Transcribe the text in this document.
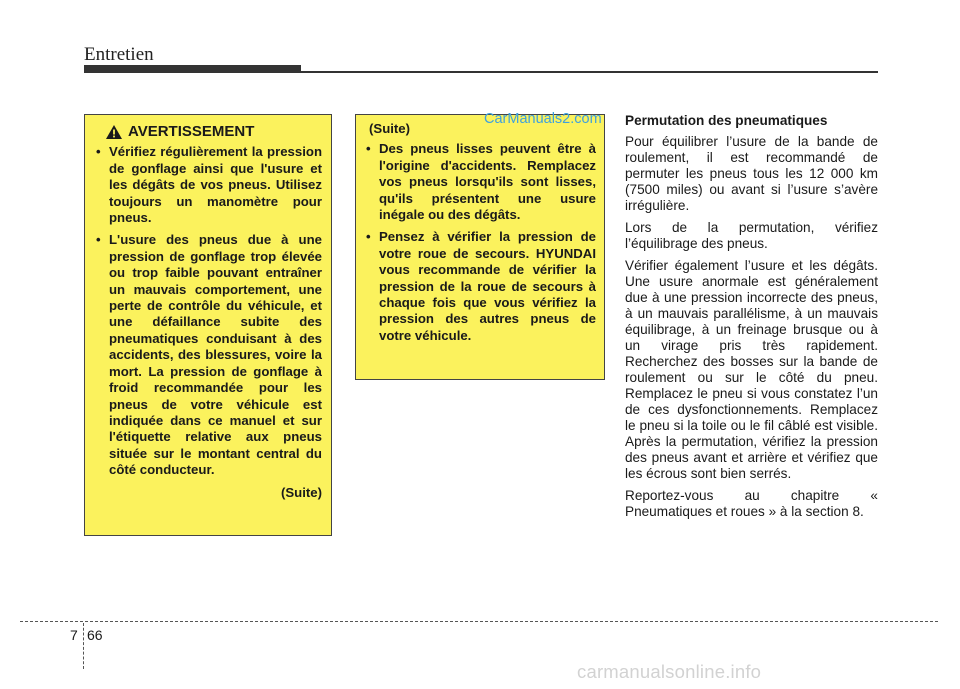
Entretien
AVERTISSEMENT
• Vérifiez régulièrement la pression de gonflage ainsi que l'usure et les dégâts de vos pneus. Utilisez toujours un manomètre pour pneus.
• L'usure des pneus due à une pression de gonflage trop élevée ou trop faible pouvant entraîner un mauvais comportement, une perte de contrôle du véhicule, et une défaillance subite des pneumatiques conduisant à des accidents, des blessures, voire la mort. La pression de gonflage à froid recommandée pour les pneus de votre véhicule est indiquée dans ce manuel et sur l'étiquette relative aux pneus située sur le montant central du côté conducteur.
(Suite)
(Suite)
• Des pneus lisses peuvent être à l'origine d'accidents. Remplacez vos pneus lorsqu'ils sont lisses, qu'ils présentent une usure inégale ou des dégâts.
• Pensez à vérifier la pression de votre roue de secours. HYUNDAI vous recommande de vérifier la pression de la roue de secours à chaque fois que vous vérifiez la pression des autres pneus de votre véhicule.
CarManuals2.com Permutation des pneumatiques

Pour équilibrer l’usure de la bande de roulement, il est recommandé de permuter les pneus tous les 12 000 km (7500 miles) ou avant si l’usure s’avère irrégulière.

Lors de la permutation, vérifiez l’équilibrage des pneus.

Vérifier également l’usure et les dégâts. Une usure anormale est généralement due à une pression incorrecte des pneus, à un mauvais parallélisme, à un mauvais équilibrage, à un freinage brusque ou à un virage pris très rapidement. Recherchez des bosses sur la bande de roulement ou sur le côté du pneu. Remplacez le pneu si vous constatez l’un de ces dysfonctionnements. Remplacez le pneu si la toile ou le fil câblé est visible. Après la permutation, vérifiez la pression des pneus avant et arrière et vérifiez que les écrous sont bien serrés.

Reportez-vous au chapitre « Pneumatiques et roues » à la section 8.

7 66
carmanualsonline.info
